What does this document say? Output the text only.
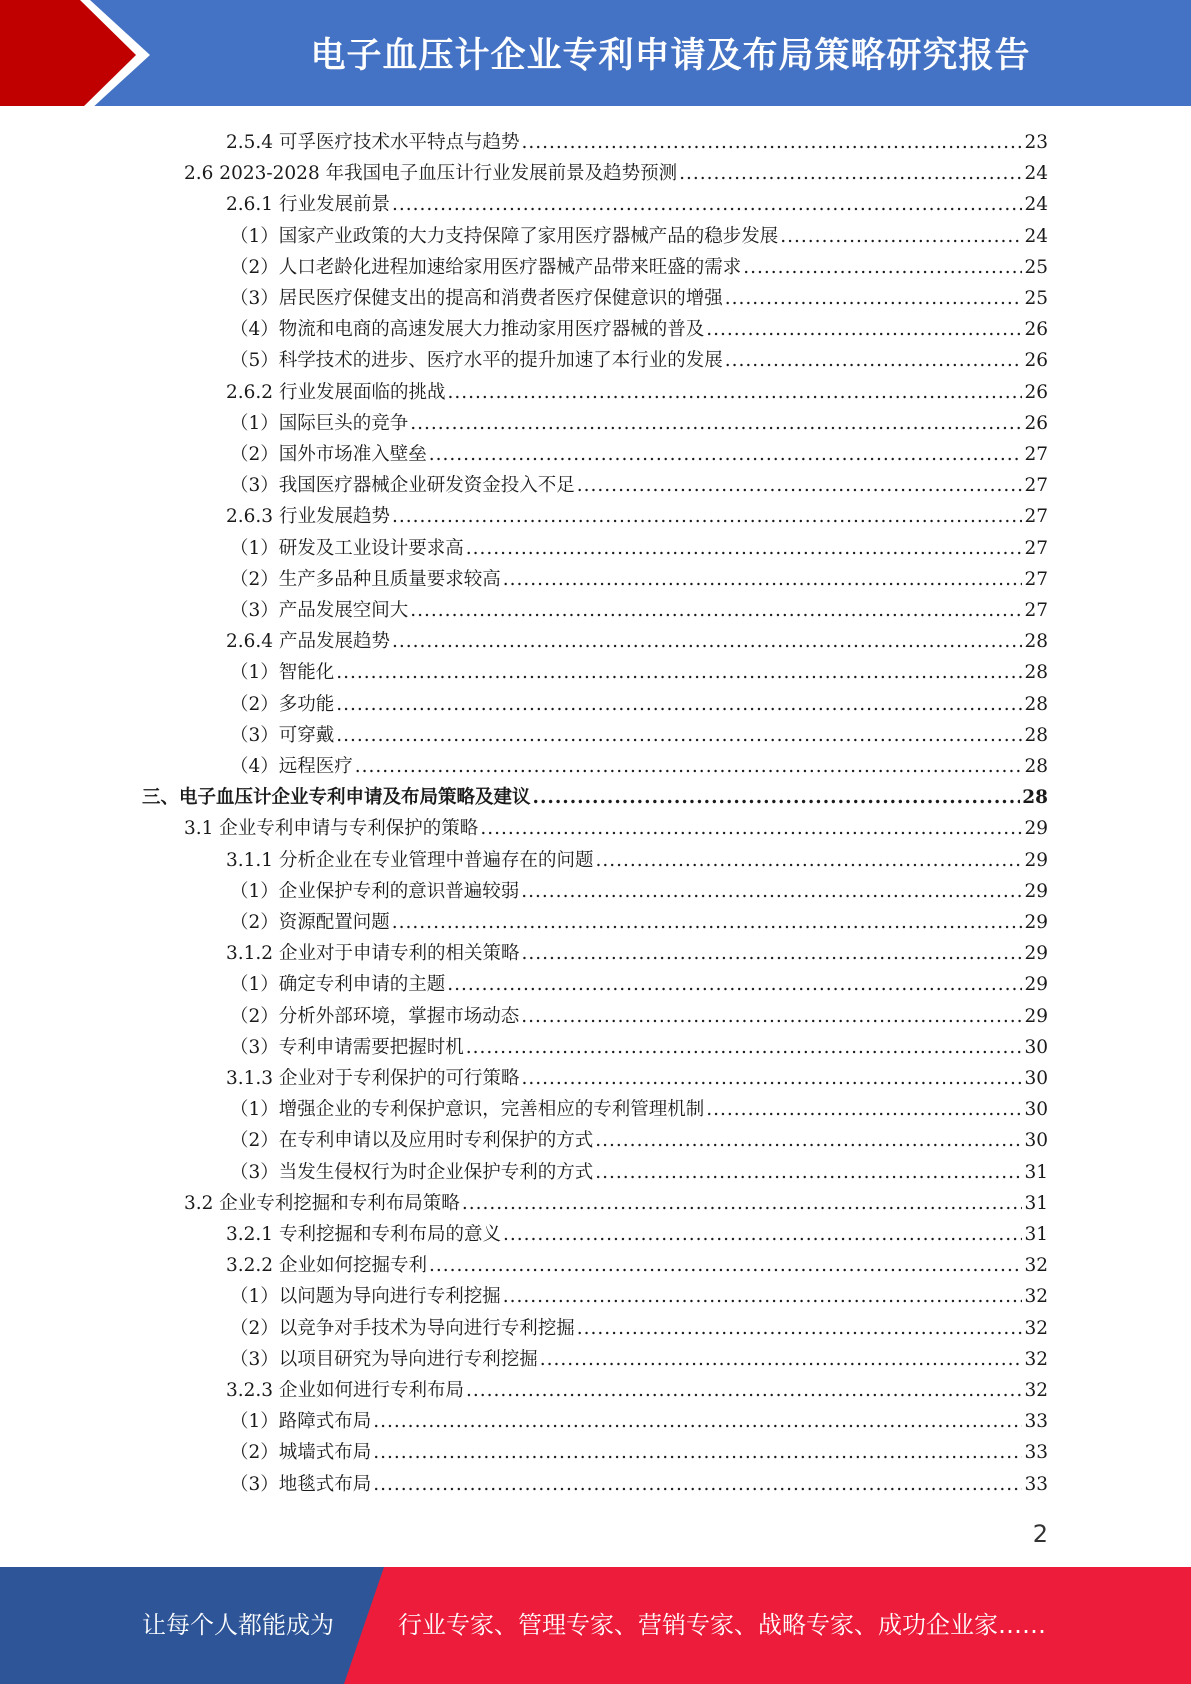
电子血压计企业专利申请及布局策略研究报告
2.5.4 可孚医疗技术水平特点与趋势 .....	23
2.6 2023-2028 年我国电子血压计行业发展前景及趋势预测 .....	24
2.6.1 行业发展前景 .....	24
（1）国家产业政策的大力支持保障了家用医疗器械产品的稳步发展 .....	24
（2）人口老龄化进程加速给家用医疗器械产品带来旺盛的需求 .....	25
（3）居民医疗保健支出的提高和消费者医疗保健意识的增强 .....	25
（4）物流和电商的高速发展大力推动家用医疗器械的普及 .....	26
（5）科学技术的进步、医疗水平的提升加速了本行业的发展 .....	26
2.6.2 行业发展面临的挑战 .....	26
（1）国际巨头的竞争 .....	26
（2）国外市场准入壁垒 .....	27
（3）我国医疗器械企业研发资金投入不足 .....	27
2.6.3 行业发展趋势 .....	27
（1）研发及工业设计要求高 .....	27
（2）生产多品种且质量要求较高 .....	27
（3）产品发展空间大 .....	27
2.6.4 产品发展趋势 .....	28
（1）智能化 .....	28
（2）多功能 .....	28
（3）可穿戴 .....	28
（4）远程医疗 .....	28
三、电子血压计企业专利申请及布局策略及建议 .....	28
3.1 企业专利申请与专利保护的策略 .....	29
3.1.1 分析企业在专业管理中普遍存在的问题 .....	29
（1）企业保护专利的意识普遍较弱 .....	29
（2）资源配置问题 .....	29
3.1.2 企业对于申请专利的相关策略 .....	29
（1）确定专利申请的主题 .....	29
（2）分析外部环境，掌握市场动态 .....	29
（3）专利申请需要把握时机 .....	30
3.1.3 企业对于专利保护的可行策略 .....	30
（1）增强企业的专利保护意识，完善相应的专利管理机制 .....	30
（2）在专利申请以及应用时专利保护的方式 .....	30
（3）当发生侵权行为时企业保护专利的方式 .....	31
3.2 企业专利挖掘和专利布局策略 .....	31
3.2.1 专利挖掘和专利布局的意义 .....	31
3.2.2 企业如何挖掘专利 .....	32
（1）以问题为导向进行专利挖掘 .....	32
（2）以竞争对手技术为导向进行专利挖掘 .....	32
（3）以项目研究为导向进行专利挖掘 .....	32
3.2.3 企业如何进行专利布局 .....	32
（1）路障式布局 .....	33
（2）城墙式布局 .....	33
（3）地毯式布局 .....	33
2
让每个人都能成为	行业专家、管理专家、营销专家、战略专家、成功企业家……
